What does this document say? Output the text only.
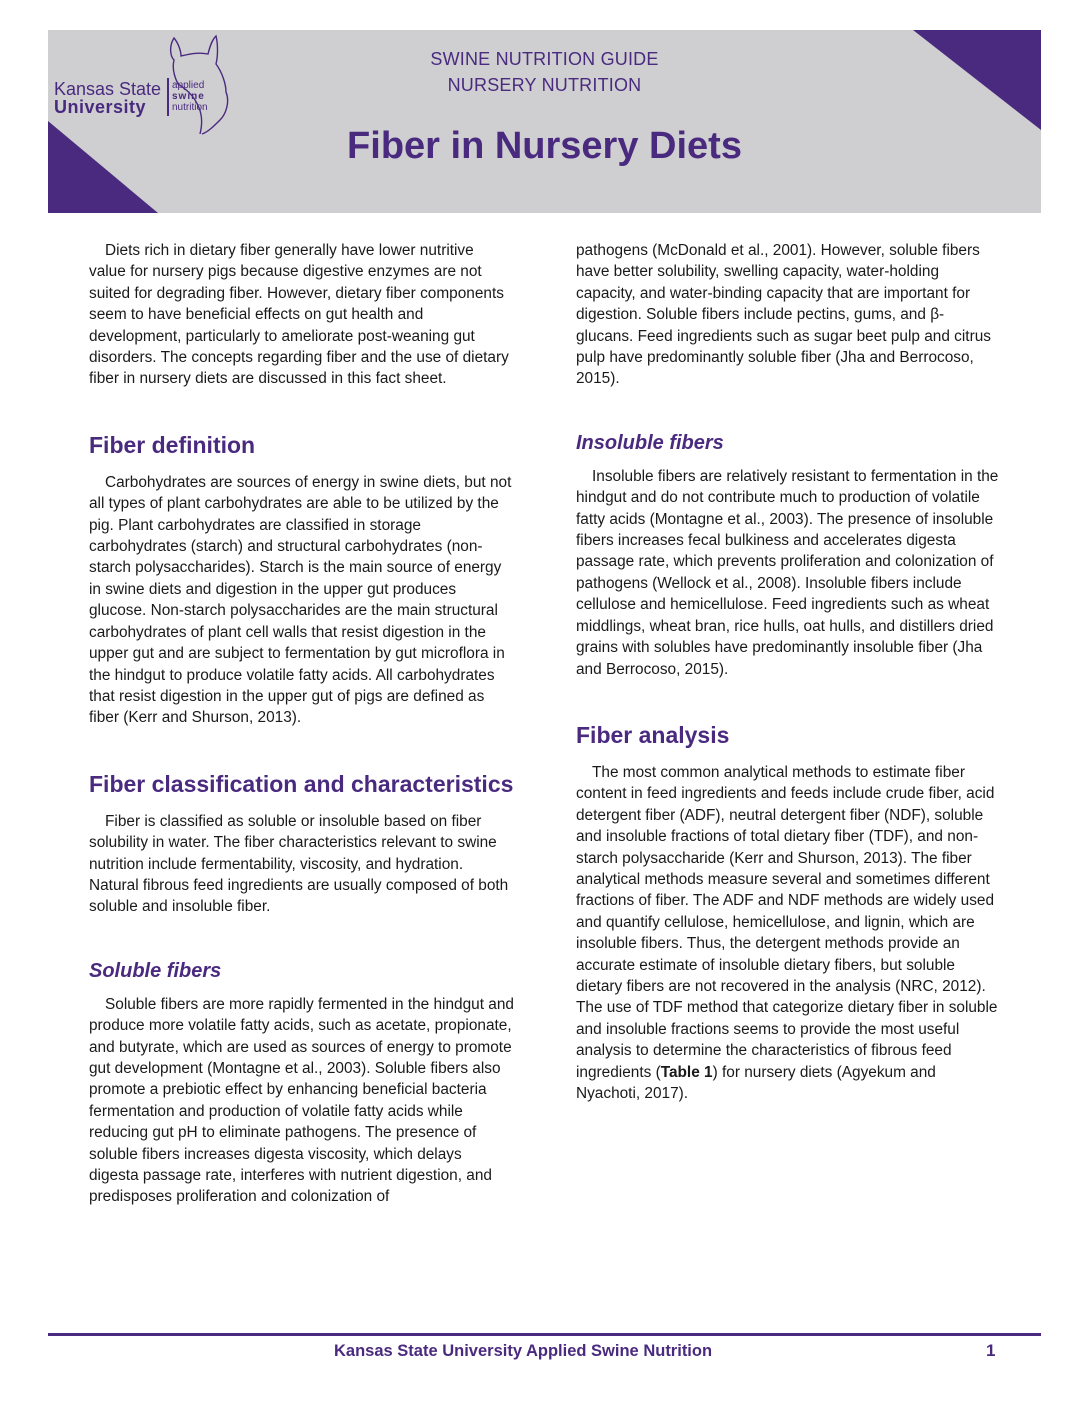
Kansas State
University
applied
swine
nutrition
SWINE NUTRITION GUIDE
NURSERY NUTRITION
Fiber in Nursery Diets

Diets rich in dietary fiber generally have lower nutritive value for nursery pigs because digestive enzymes are not suited for degrading fiber. However, dietary fiber components seem to have beneficial effects on gut health and development, particularly to ameliorate post-weaning gut disorders. The concepts regarding fiber and the use of dietary fiber in nursery diets are discussed in this fact sheet.

Fiber definition

Carbohydrates are sources of energy in swine diets, but not all types of plant carbohydrates are able to be utilized by the pig. Plant carbohydrates are classified in storage carbohydrates (starch) and structural carbohydrates (non-starch polysaccharides). Starch is the main source of energy in swine diets and digestion in the upper gut produces glucose. Non-starch polysaccharides are the main structural carbohydrates of plant cell walls that resist digestion in the upper gut and are subject to fermentation by gut microflora in the hindgut to produce volatile fatty acids. All carbohydrates that resist digestion in the upper gut of pigs are defined as fiber (Kerr and Shurson, 2013).

Fiber classification and characteristics

Fiber is classified as soluble or insoluble based on fiber solubility in water. The fiber characteristics relevant to swine nutrition include fermentability, viscosity, and hydration. Natural fibrous feed ingredients are usually composed of both soluble and insoluble fiber.

Soluble fibers

Soluble fibers are more rapidly fermented in the hindgut and produce more volatile fatty acids, such as acetate, propionate, and butyrate, which are used as sources of energy to promote gut development (Montagne et al., 2003). Soluble fibers also promote a prebiotic effect by enhancing beneficial bacteria fermentation and production of volatile fatty acids while reducing gut pH to eliminate pathogens. The presence of soluble fibers increases digesta viscosity, which delays digesta passage rate, interferes with nutrient digestion, and predisposes proliferation and colonization of

pathogens (McDonald et al., 2001). However, soluble fibers have better solubility, swelling capacity, water-holding capacity, and water-binding capacity that are important for digestion. Soluble fibers include pectins, gums, and β-glucans. Feed ingredients such as sugar beet pulp and citrus pulp have predominantly soluble fiber (Jha and Berrocoso, 2015).

Insoluble fibers

Insoluble fibers are relatively resistant to fermentation in the hindgut and do not contribute much to production of volatile fatty acids (Montagne et al., 2003). The presence of insoluble fibers increases fecal bulkiness and accelerates digesta passage rate, which prevents proliferation and colonization of pathogens (Wellock et al., 2008). Insoluble fibers include cellulose and hemicellulose. Feed ingredients such as wheat middlings, wheat bran, rice hulls, oat hulls, and distillers dried grains with solubles have predominantly insoluble fiber (Jha and Berrocoso, 2015).

Fiber analysis

The most common analytical methods to estimate fiber content in feed ingredients and feeds include crude fiber, acid detergent fiber (ADF), neutral detergent fiber (NDF), soluble and insoluble fractions of total dietary fiber (TDF), and non-starch polysaccharide (Kerr and Shurson, 2013). The fiber analytical methods measure several and sometimes different fractions of fiber. The ADF and NDF methods are widely used and quantify cellulose, hemicellulose, and lignin, which are insoluble fibers. Thus, the detergent methods provide an accurate estimate of insoluble dietary fibers, but soluble dietary fibers are not recovered in the analysis (NRC, 2012). The use of TDF method that categorize dietary fiber in soluble and insoluble fractions seems to provide the most useful analysis to determine the characteristics of fibrous feed ingredients (Table 1) for nursery diets (Agyekum and Nyachoti, 2017).

Kansas State University Applied Swine Nutrition	1
